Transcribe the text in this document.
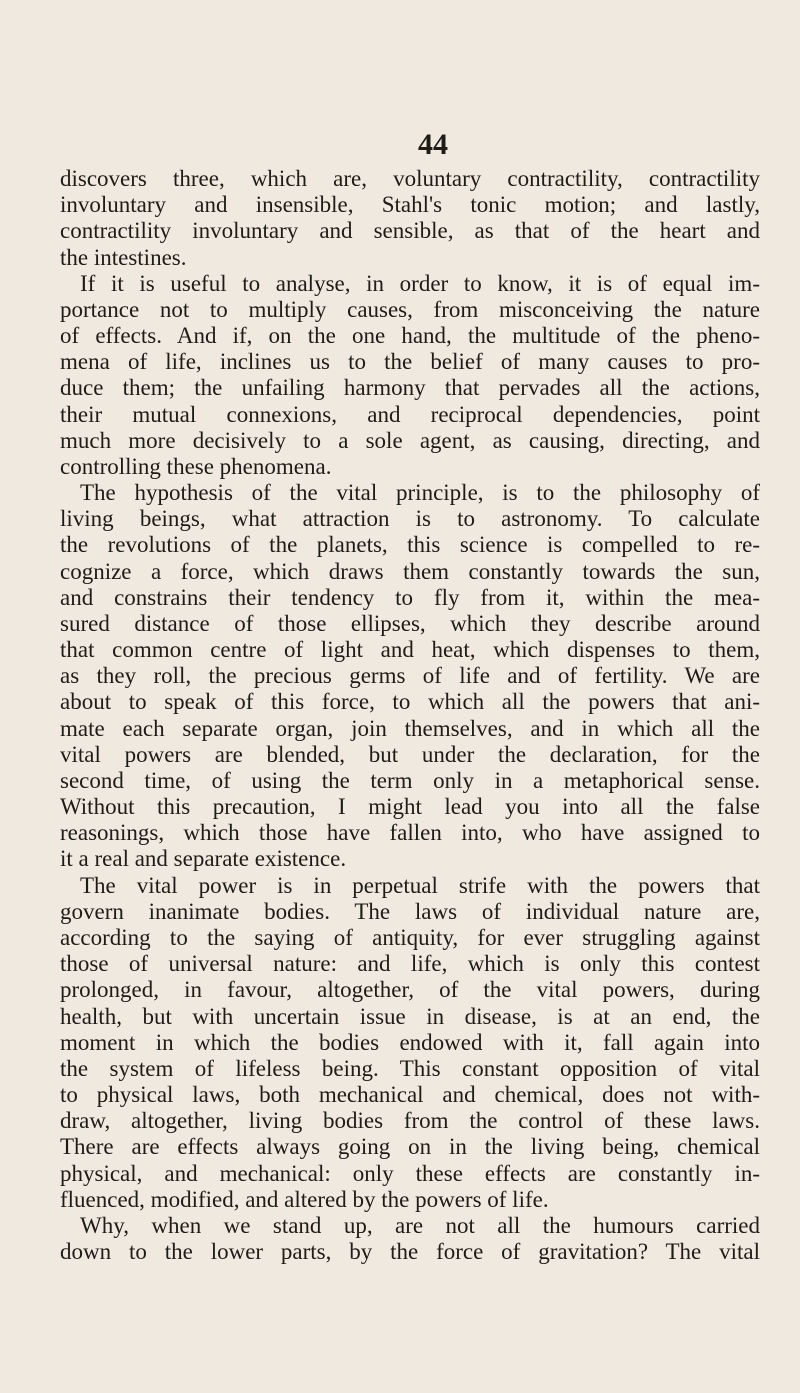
44
discovers three, which are, voluntary contractility, contractility
involuntary and insensible, Stahl's tonic motion; and lastly,
contractility involuntary and sensible, as that of the heart and
the intestines.
If it is useful to analyse, in order to know, it is of equal im-
portance not to multiply causes, from misconceiving the nature
of effects. And if, on the one hand, the multitude of the pheno-
mena of life, inclines us to the belief of many causes to pro-
duce them; the unfailing harmony that pervades all the actions,
their mutual connexions, and reciprocal dependencies, point
much more decisively to a sole agent, as causing, directing, and
controlling these phenomena.
The hypothesis of the vital principle, is to the philosophy of
living beings, what attraction is to astronomy. To calculate
the revolutions of the planets, this science is compelled to re-
cognize a force, which draws them constantly towards the sun,
and constrains their tendency to fly from it, within the mea-
sured distance of those ellipses, which they describe around
that common centre of light and heat, which dispenses to them,
as they roll, the precious germs of life and of fertility. We are
about to speak of this force, to which all the powers that ani-
mate each separate organ, join themselves, and in which all the
vital powers are blended, but under the declaration, for the
second time, of using the term only in a metaphorical sense.
Without this precaution, I might lead you into all the false
reasonings, which those have fallen into, who have assigned to
it a real and separate existence.
The vital power is in perpetual strife with the powers that
govern inanimate bodies. The laws of individual nature are,
according to the saying of antiquity, for ever struggling against
those of universal nature: and life, which is only this contest
prolonged, in favour, altogether, of the vital powers, during
health, but with uncertain issue in disease, is at an end, the
moment in which the bodies endowed with it, fall again into
the system of lifeless being. This constant opposition of vital
to physical laws, both mechanical and chemical, does not with-
draw, altogether, living bodies from the control of these laws.
There are effects always going on in the living being, chemical
physical, and mechanical: only these effects are constantly in-
fluenced, modified, and altered by the powers of life.
Why, when we stand up, are not all the humours carried
down to the lower parts, by the force of gravitation? The vital
